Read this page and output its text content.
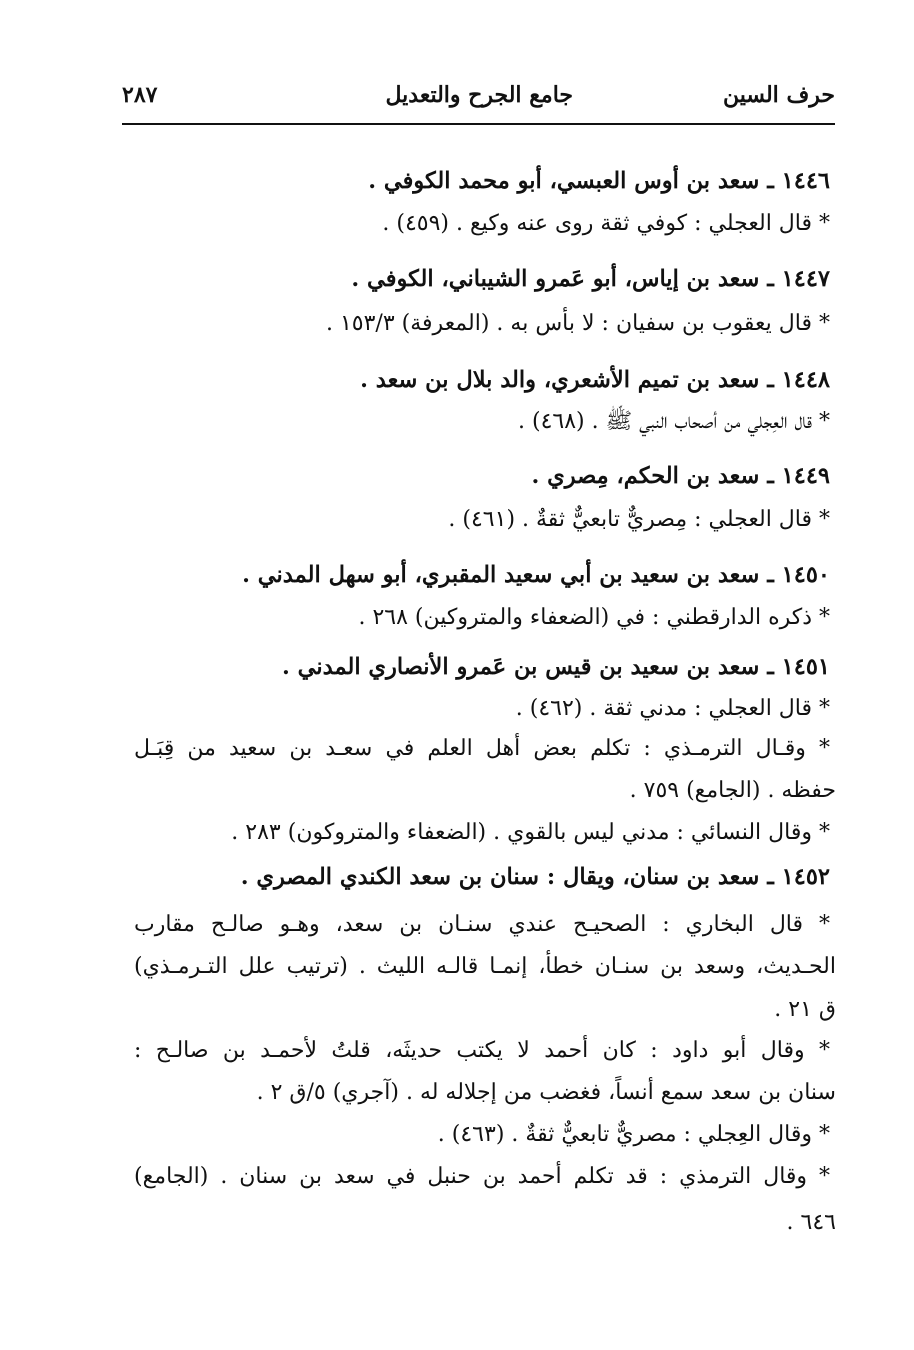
حرف السين
جامع الجرح والتعديل
٢٨٧
١٤٤٦ ـ سعد بن أوس العبسي، أبو محمد الكوفي .
* قال العجلي : كوفي ثقة روى عنه وكيع . (٤٥٩) .
١٤٤٧ ـ سعد بن إياس، أبو عَمرو الشيباني، الكوفي .
* قال يعقوب بن سفيان : لا بأس به . (المعرفة) ١٥٣/٣ .
١٤٤٨ ـ سعد بن تميم الأشعري، والد بلال بن سعد .
* قال العِجلي من أصحاب النبي ﷺ . (٤٦٨) .
١٤٤٩ ـ سعد بن الحكم، مِصري .
* قال العجلي : مِصريٌّ تابعيٌّ ثقةٌ . (٤٦١) .
١٤٥٠ ـ سعد بن سعيد بن أبي سعيد المقبري، أبو سهل المدني .
* ذكره الدارقطني : في (الضعفاء والمتروكين) ٢٦٨ .
١٤٥١ ـ سعد بن سعيد بن قيس بن عَمرو الأنصاري المدني .
* قال العجلي : مدني ثقة . (٤٦٢) .
* وقـال الترمـذي : تكلم بعض أهل العلم في سعـد بن سعيد من قِبَـل
حفظه . (الجامع) ٧٥٩ .
* وقال النسائي : مدني ليس بالقوي . (الضعفاء والمتروكون) ٢٨٣ .
١٤٥٢ ـ سعد بن سنان، ويقال : سنان بن سعد الكندي المصري .
* قال البخاري : الصحيـح عندي سنـان بن سعد، وهـو صالـح مقارب
الحـديث، وسعد بن سنـان خطأ، إنمـا قالـه الليث . (ترتيب علل التـرمـذي)
ق ٢١ .
* وقال أبو داود : كان أحمد لا يكتب حديثَه، قلتُ لأحمـد بن صالـح :
سنان بن سعد سمع أنساً، فغضب من إجلاله له . (آجري) ٥/ق ٢ .
* وقال العِجلي : مصريٌّ تابعيٌّ ثقةٌ . (٤٦٣) .
* وقال الترمذي : قد تكلم أحمد بن حنبل في سعد بن سنان . (الجامع)
٦٤٦ .
